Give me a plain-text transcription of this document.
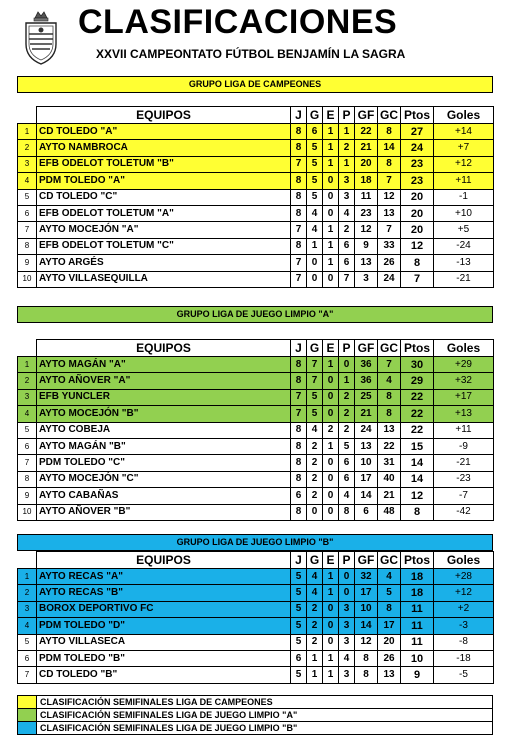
CLASIFICACIONES
XXVII CAMPEONTATO FÚTBOL BENJAMÍN LA SAGRA
GRUPO LIGA DE CAMPEONES
	EQUIPOS	J	G	E	P	GF	GC	Ptos	Goles
1	CD TOLEDO "A"	8	6	1	1	22	8	27	+14
2	AYTO NAMBROCA	8	5	1	2	21	14	24	+7
3	EFB ODELOT TOLETUM "B"	7	5	1	1	20	8	23	+12
4	PDM TOLEDO "A"	8	5	0	3	18	7	23	+11
5	CD TOLEDO "C"	8	5	0	3	11	12	20	-1
6	EFB ODELOT TOLETUM "A"	8	4	0	4	23	13	20	+10
7	AYTO MOCEJÓN "A"	7	4	1	2	12	7	20	+5
8	EFB ODELOT TOLETUM "C"	8	1	1	6	9	33	12	-24
9	AYTO ARGÉS	7	0	1	6	13	26	8	-13
10	AYTO VILLASEQUILLA	7	0	0	7	3	24	7	-21
GRUPO LIGA DE JUEGO LIMPIO "A"
	EQUIPOS	J	G	E	P	GF	GC	Ptos	Goles
1	AYTO MAGÁN "A"	8	7	1	0	36	7	30	+29
2	AYTO AÑOVER "A"	8	7	0	1	36	4	29	+32
3	EFB YUNCLER	7	5	0	2	25	8	22	+17
4	AYTO MOCEJÓN "B"	7	5	0	2	21	8	22	+13
5	AYTO COBEJA	8	4	2	2	24	13	22	+11
6	AYTO MAGÁN "B"	8	2	1	5	13	22	15	-9
7	PDM TOLEDO "C"	8	2	0	6	10	31	14	-21
8	AYTO MOCEJÓN "C"	8	2	0	6	17	40	14	-23
9	AYTO CABAÑAS	6	2	0	4	14	21	12	-7
10	AYTO AÑOVER "B"	8	0	0	8	6	48	8	-42
GRUPO LIGA DE JUEGO LIMPIO "B"
	EQUIPOS	J	G	E	P	GF	GC	Ptos	Goles
1	AYTO RECAS "A"	5	4	1	0	32	4	18	+28
2	AYTO RECAS "B"	5	4	1	0	17	5	18	+12
3	BOROX DEPORTIVO FC	5	2	0	3	10	8	11	+2
4	PDM TOLEDO "D"	5	2	0	3	14	17	11	-3
5	AYTO VILLASECA	5	2	0	3	12	20	11	-8
6	PDM TOLEDO "B"	6	1	1	4	8	26	10	-18
7	CD TOLEDO "B"	5	1	1	3	8	13	9	-5
	CLASIFICACIÓN SEMIFINALES LIGA DE CAMPEONES
	CLASIFICACIÓN SEMIFINALES LIGA DE JUEGO LIMPIO "A"
	CLASIFICACIÓN SEMIFINALES LIGA DE JUEGO LIMPIO "B"
